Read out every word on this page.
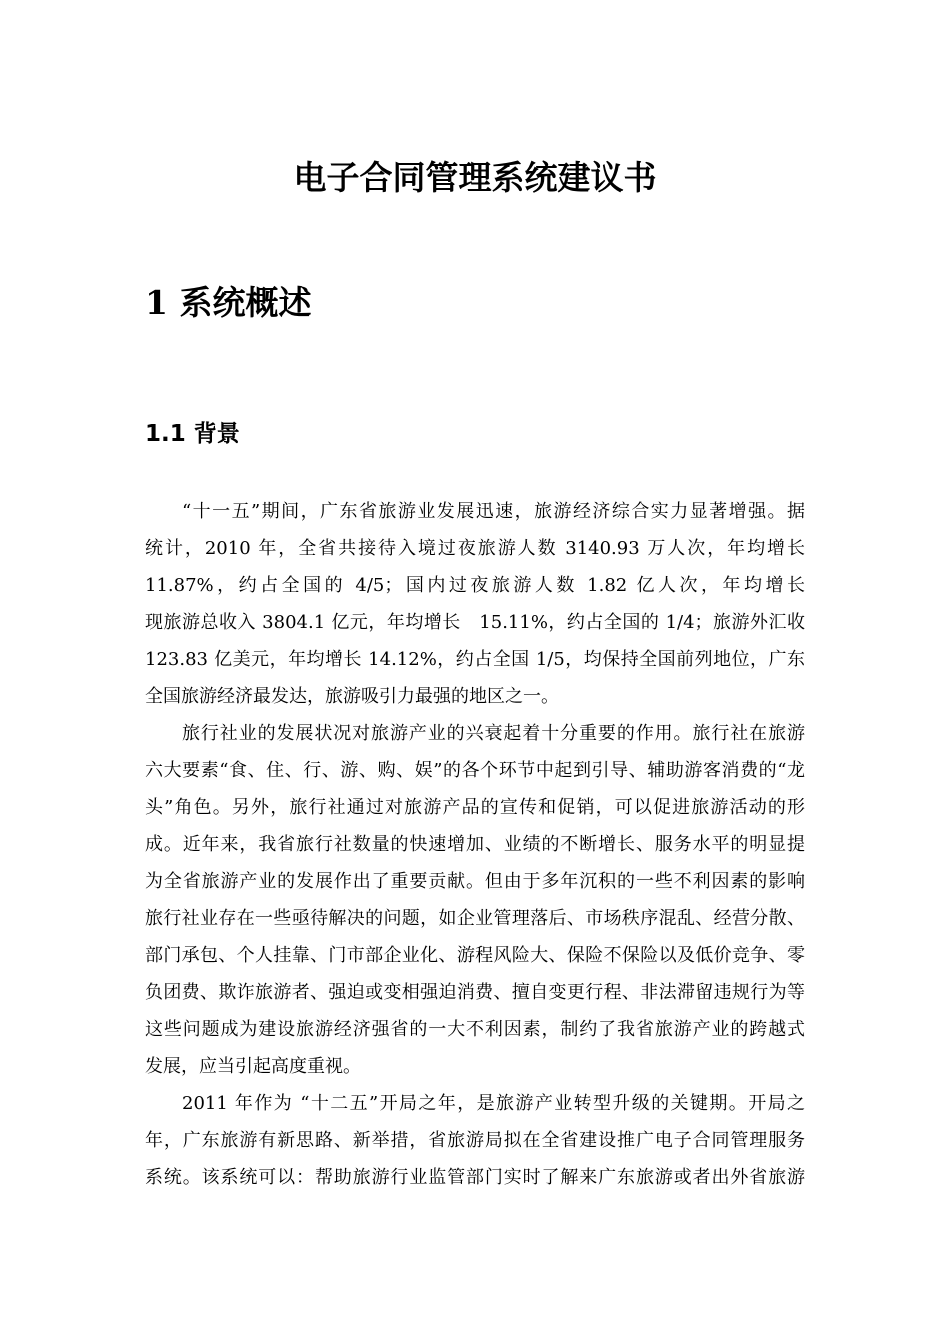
电子合同管理系统建议书
1 系统概述
1.1 背景
“十一五”期间，广东省旅游业发展迅速，旅游经济综合实力显著增强。据
统计，2010 年，全省共接待入境过夜旅游人数 3140.93 万人次，年均增长
11.87%，约占全国的 4/5；国内过夜旅游人数 1.82 亿人次，年均增长
现旅游总收入 3804.1 亿元，年均增长　15.11%，约占全国的 1/4；旅游外汇收
123.83 亿美元，年均增长 14.12%，约占全国 1/5，均保持全国前列地位，广东
全国旅游经济最发达，旅游吸引力最强的地区之一。
旅行社业的发展状况对旅游产业的兴衰起着十分重要的作用。旅行社在旅游
六大要素“食、住、行、游、购、娱”的各个环节中起到引导、辅助游客消费的“龙
头”角色。另外，旅行社通过对旅游产品的宣传和促销，可以促进旅游活动的形
成。近年来，我省旅行社数量的快速增加、业绩的不断增长、服务水平的明显提
为全省旅游产业的发展作出了重要贡献。但由于多年沉积的一些不利因素的影响
旅行社业存在一些亟待解决的问题，如企业管理落后、市场秩序混乱、经营分散、
部门承包、个人挂靠、门市部企业化、游程风险大、保险不保险以及低价竞争、零
负团费、欺诈旅游者、强迫或变相强迫消费、擅自变更行程、非法滞留违规行为等
这些问题成为建设旅游经济强省的一大不利因素，制约了我省旅游产业的跨越式
发展，应当引起高度重视。
2011 年作为 “十二五”开局之年，是旅游产业转型升级的关键期。开局之
年，广东旅游有新思路、新举措，省旅游局拟在全省建设推广电子合同管理服务
系统。该系统可以：帮助旅游行业监管部门实时了解来广东旅游或者出外省旅游
